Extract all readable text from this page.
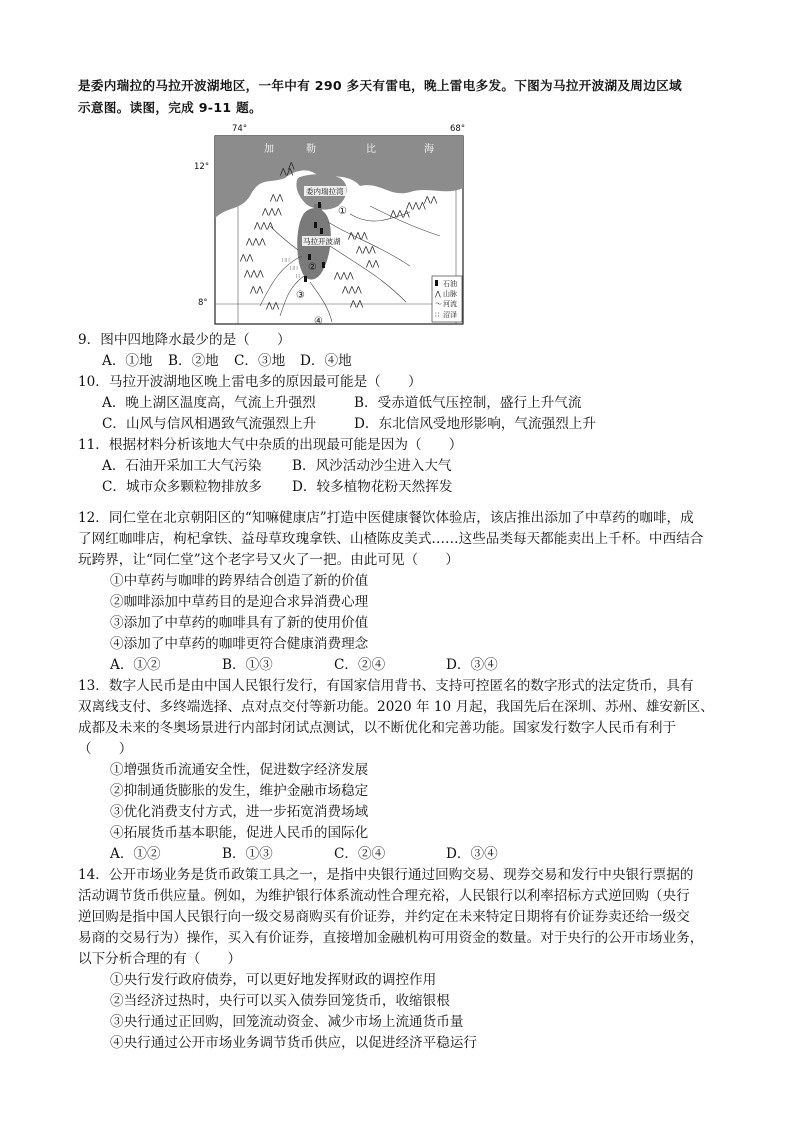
是委内瑞拉的马拉开波湖地区，一年中有 290 多天有雷电，晚上雷电多发。下图为马拉开波湖及周边区域
示意图。读图，完成 9-11 题。
74°	68°
12°
8°
加	勒	比	海
委内瑞拉湾
马拉开波湖
⋀⋀
⋀⋀⋀
⋀⋀⋀
⋀⋀⋀
⋀⋀
⋀⋀⋀
⋀⋀
⋀⋀
⋀⋀⋀
⋀⋀⋀
⋀⋀
⋀⋀⋀
⋀⋀⋀
⋀⋀
⋀⋀⋀
⋀⋀⋀
⋀⋀
⋀
⋀⋀
∷∷
∷∷
∷
①
②
③
④
⋀
〜
∷
石油
山脉
河流
沼泽
9．图中四地降水最少的是（　　）
A．①地 B．②地 C．③地 D．④地
10．马拉开波湖地区晚上雷电多的原因最可能是（　　）
A．晚上湖区温度高，气流上升强烈	B．受赤道低气压控制，盛行上升气流
C．山风与信风相遇致气流强烈上升	D．东北信风受地形影响，气流强烈上升
11．根据材料分析该地大气中杂质的出现最可能是因为（　　）
A．石油开采加工大气污染 B．风沙活动沙尘进入大气
C．城市众多颗粒物排放多 D．较多植物花粉天然挥发
12．同仁堂在北京朝阳区的“知嘛健康店”打造中医健康餐饮体验店，该店推出添加了中草药的咖啡，成
了网红咖啡店，枸杞拿铁、益母草玫瑰拿铁、山楂陈皮美式……这些品类每天都能卖出上千杯。中西结合
玩跨界，让“同仁堂”这个老字号又火了一把。由此可见（　　）
①中草药与咖啡的跨界结合创造了新的价值
②咖啡添加中草药目的是迎合求异消费心理
③添加了中草药的咖啡具有了新的使用价值
④添加了中草药的咖啡更符合健康消费理念
A．①②	B．①③	C．②④	D．③④
13．数字人民币是由中国人民银行发行，有国家信用背书、支持可控匿名的数字形式的法定货币，具有
双离线支付、多终端选择、点对点交付等新功能。2020 年 10 月起，我国先后在深圳、苏州、雄安新区、
成都及未来的冬奥场景进行内部封闭试点测试，以不断优化和完善功能。国家发行数字人民币有利于
（　　）
①增强货币流通安全性，促进数字经济发展
②抑制通货膨胀的发生，维护金融市场稳定
③优化消费支付方式，进一步拓宽消费场域
④拓展货币基本职能，促进人民币的国际化
A．①②	B．①③	C．②④	D．③④
14．公开市场业务是货币政策工具之一，是指中央银行通过回购交易、现券交易和发行中央银行票据的
活动调节货币供应量。例如，为维护银行体系流动性合理充裕，人民银行以利率招标方式逆回购（央行
逆回购是指中国人民银行向一级交易商购买有价证券，并约定在未来特定日期将有价证券卖还给一级交
易商的交易行为）操作，买入有价证券，直接增加金融机构可用资金的数量。对于央行的公开市场业务，
以下分析合理的有（　　）
①央行发行政府债券，可以更好地发挥财政的调控作用
②当经济过热时，央行可以买入债券回笼货币，收缩银根
③央行通过正回购，回笼流动资金、减少市场上流通货币量
④央行通过公开市场业务调节货币供应，以促进经济平稳运行
